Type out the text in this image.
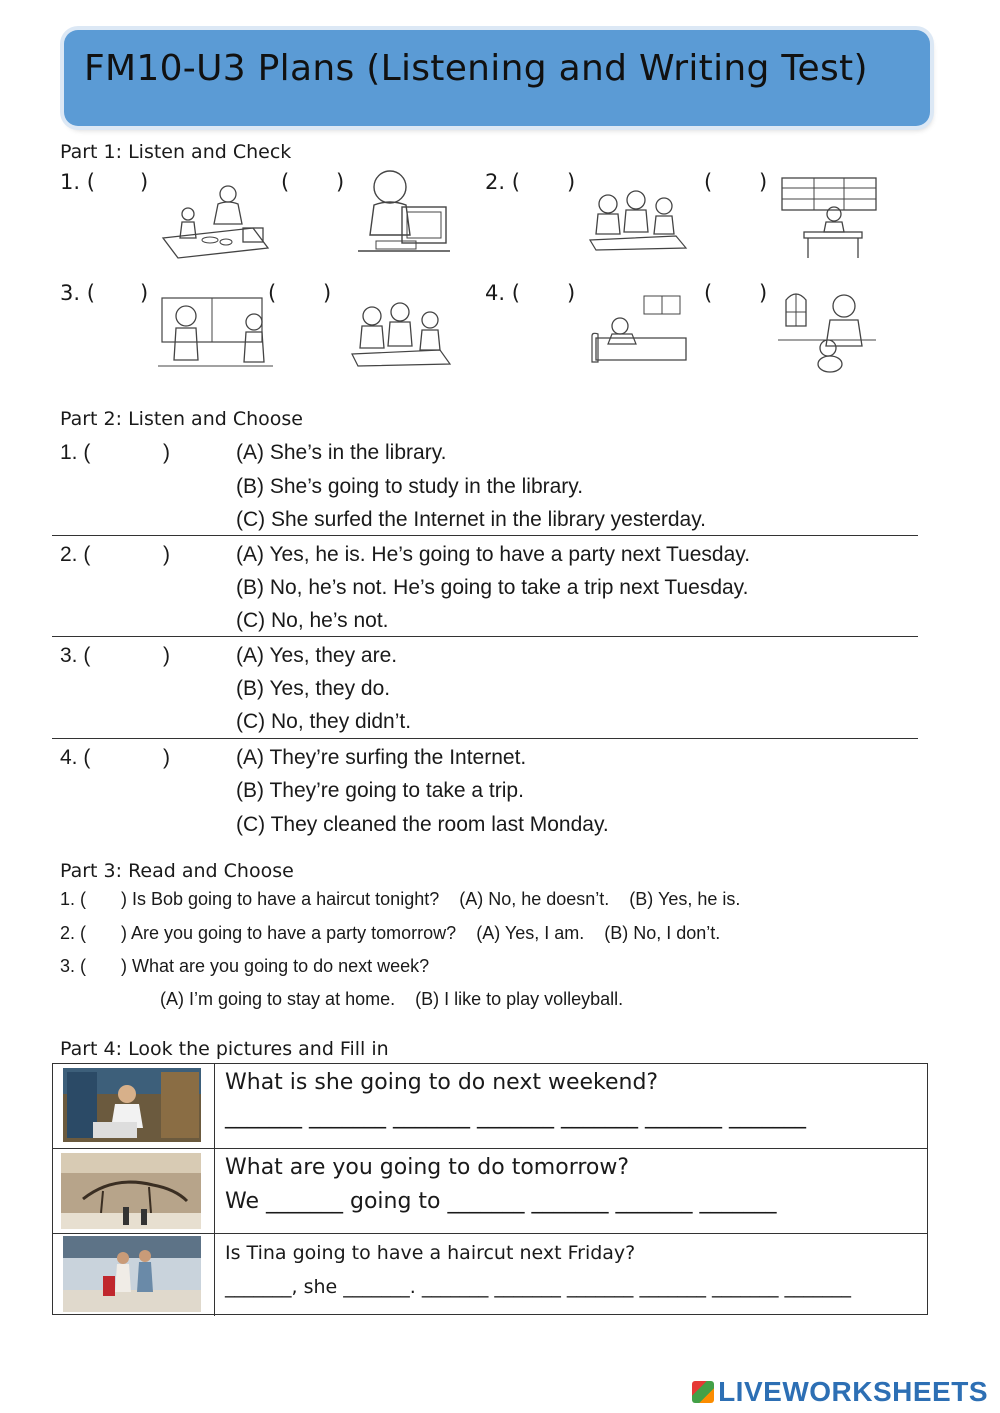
FM10-U3 Plans (Listening and Writing Test)
Part 1: Listen and Check
1. ( )	( )	2. ( )	( )
3. ( )	( )	4. ( )	( )
Part 2: Listen and Choose
1. (	)	(A) She’s in the library.
(B) She’s going to study in the library.
(C) She surfed the Internet in the library yesterday.
2. (	)	(A) Yes, he is. He’s going to have a party next Tuesday.
(B) No, he’s not. He’s going to take a trip next Tuesday.
(C) No, he’s not.
3. (	)	(A) Yes, they are.
(B) Yes, they do.
(C) No, they didn’t.
4. (	)	(A) They’re surfing the Internet.
(B) They’re going to take a trip.
(C) They cleaned the room last Monday.
Part 3: Read and Choose
1. (       ) Is Bob going to have a haircut tonight?    (A) No, he doesn’t.    (B) Yes, he is.
2. (       ) Are you going to have a party tomorrow?    (A) Yes, I am.    (B) No, I don’t.
3. (       ) What are you going to do next week?
(A) I’m going to stay at home.    (B) I like to play volleyball.
Part 4: Look the pictures and Fill in
What is she going to do next weekend?
_______ _______ _______ _______ _______ _______ _______
What are you going to do tomorrow?
We _______ going to _______ _______ _______ _______
Is Tina going to have a haircut next Friday?
_______, she _______. _______ _______ _______ _______ _______ _______
LIVEWORKSHEETS
